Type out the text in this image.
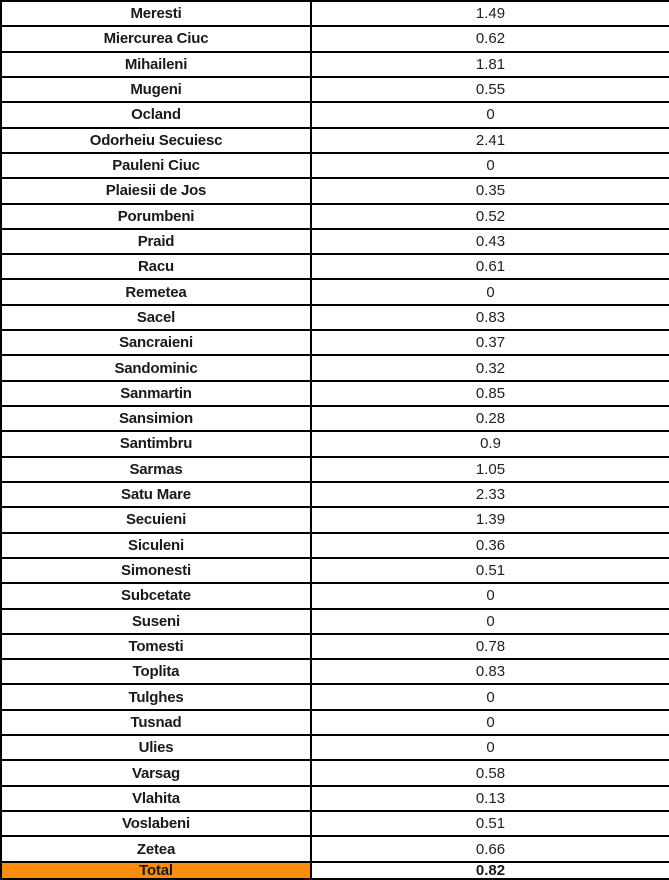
Meresti	1.49
Miercurea Ciuc	0.62
Mihaileni	1.81
Mugeni	0.55
Ocland	0
Odorheiu Secuiesc	2.41
Pauleni Ciuc	0
Plaiesii de Jos	0.35
Porumbeni	0.52
Praid	0.43
Racu	0.61
Remetea	0
Sacel	0.83
Sancraieni	0.37
Sandominic	0.32
Sanmartin	0.85
Sansimion	0.28
Santimbru	0.9
Sarmas	1.05
Satu Mare	2.33
Secuieni	1.39
Siculeni	0.36
Simonesti	0.51
Subcetate	0
Suseni	0
Tomesti	0.78
Toplita	0.83
Tulghes	0
Tusnad	0
Ulies	0
Varsag	0.58
Vlahita	0.13
Voslabeni	0.51
Zetea	0.66
Total	0.82
